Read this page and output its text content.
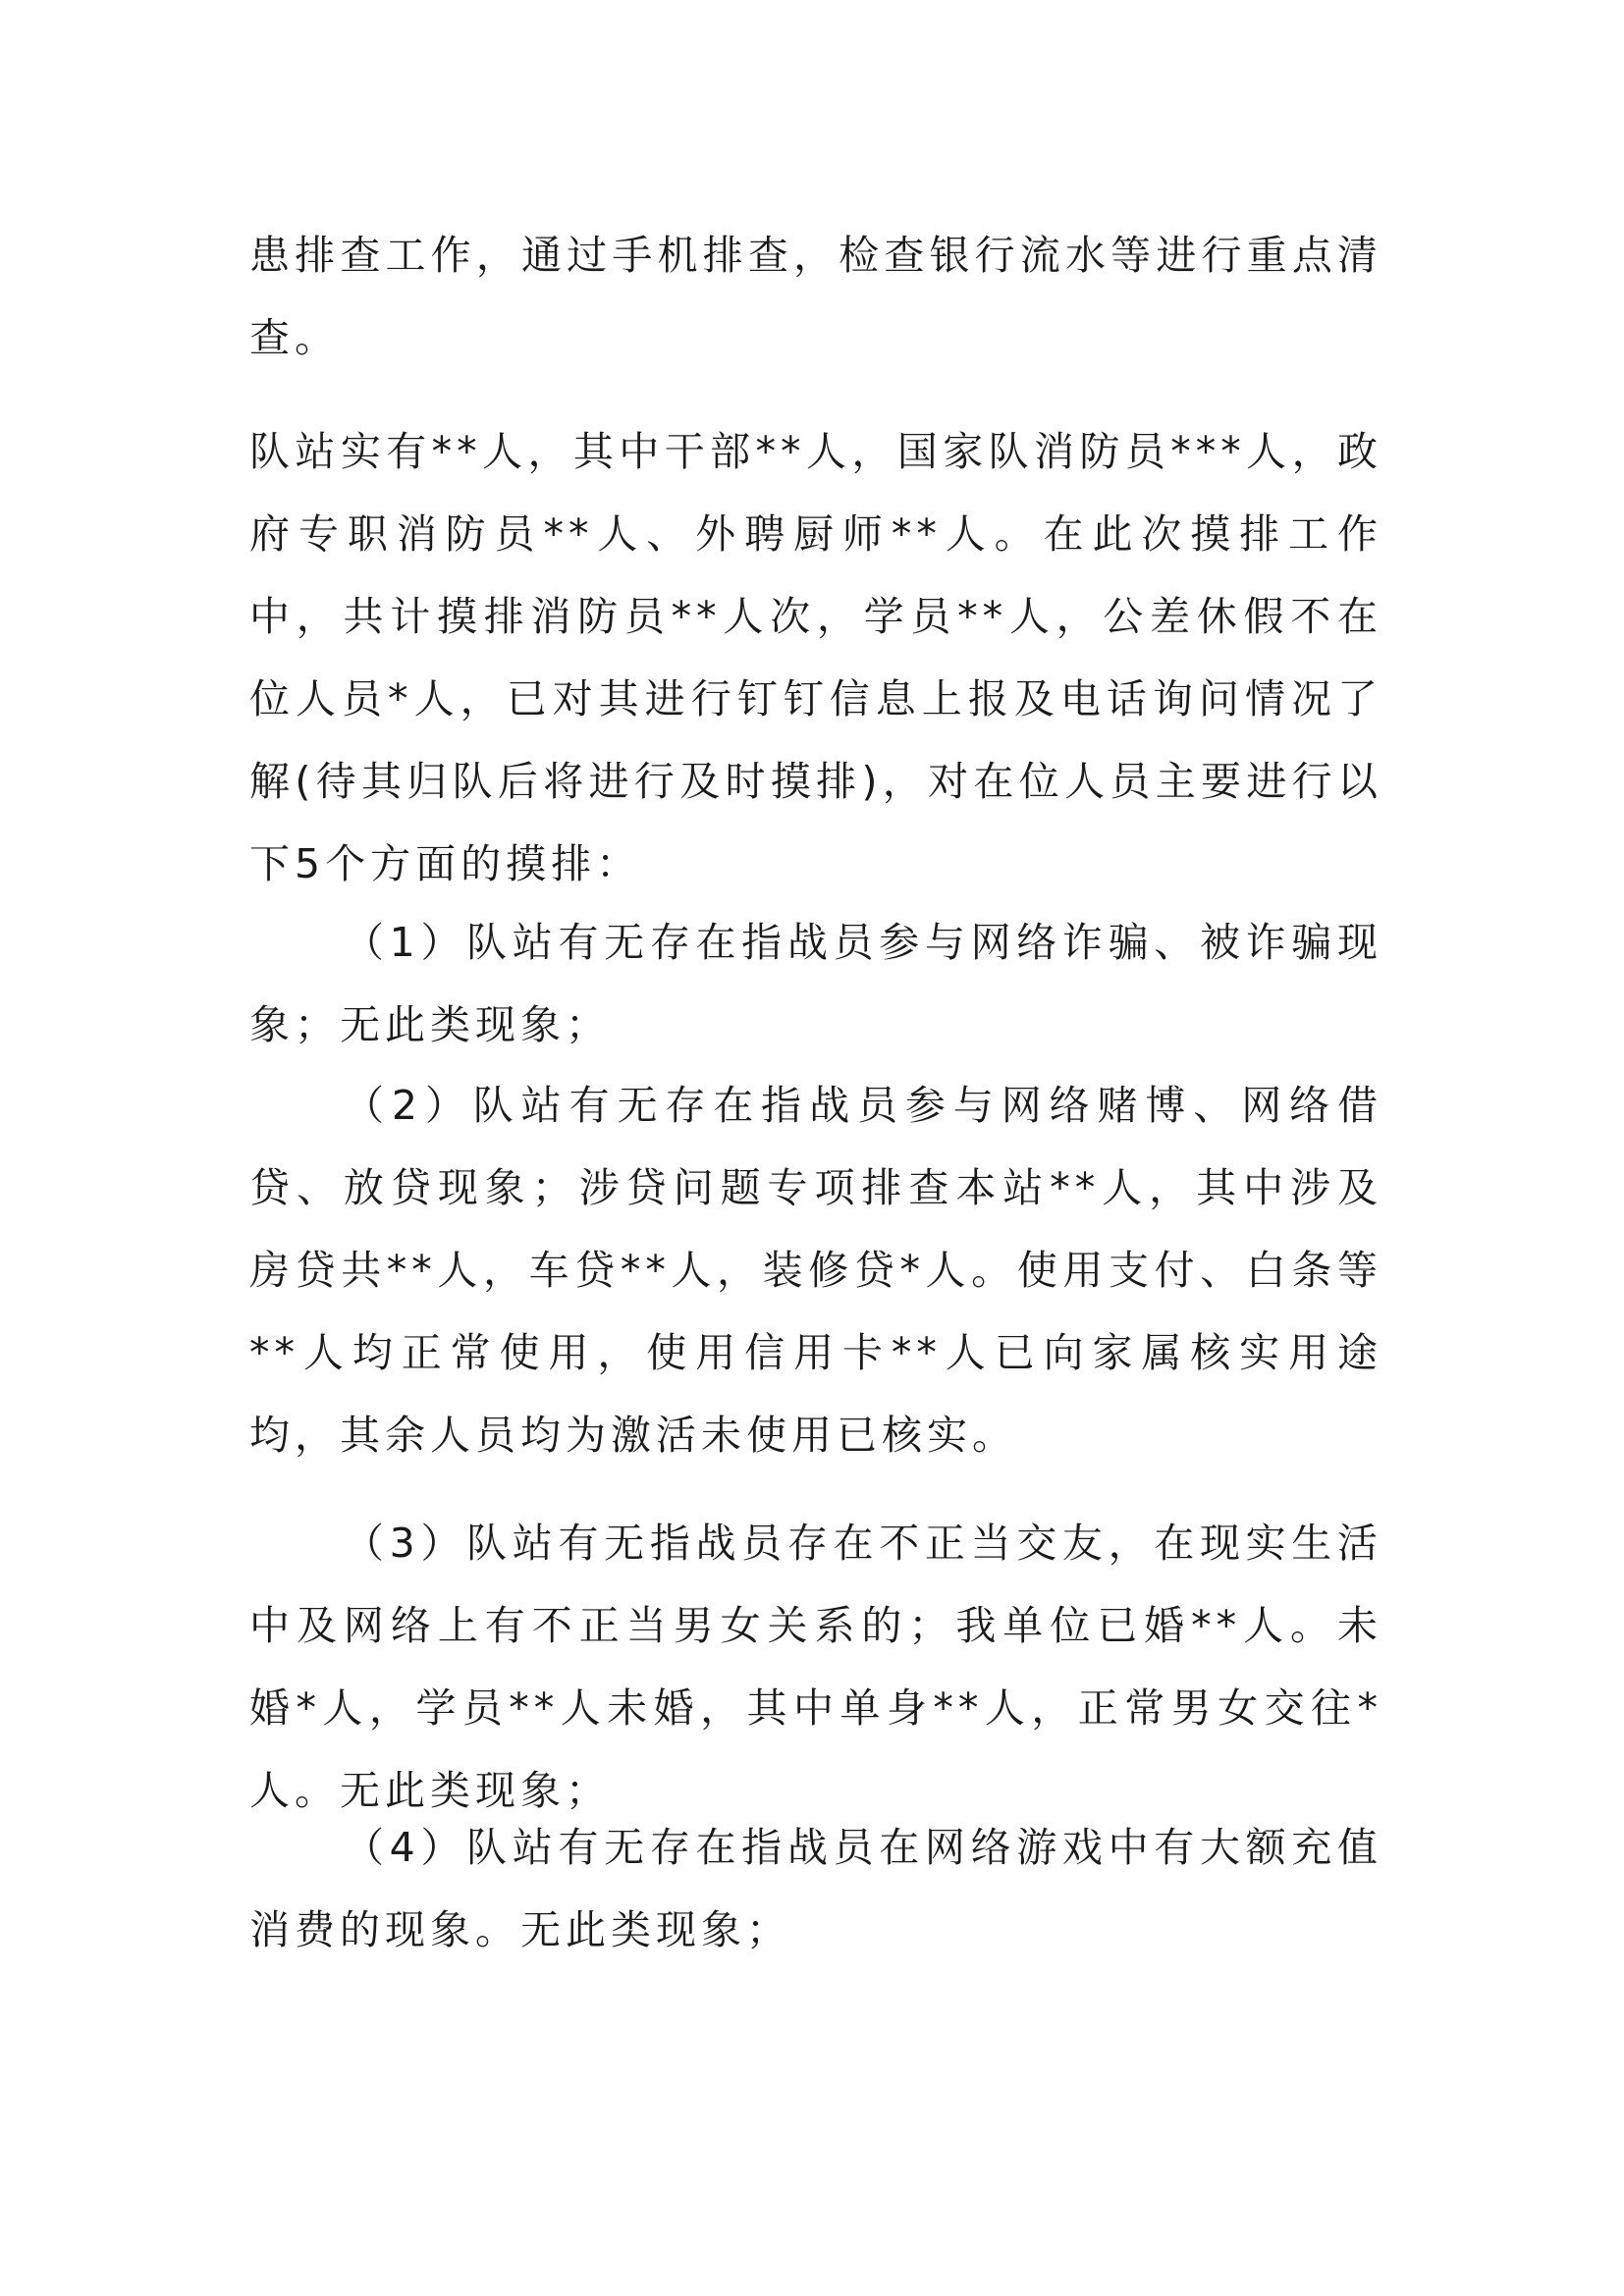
患排查工作，通过手机排查，检查银行流水等进行重点清查。

队站实有**人，其中干部**人，国家队消防员***人，政府专职消防员**人、外聘厨师**人。在此次摸排工作中，共计摸排消防员**人次，学员**人，公差休假不在位人员*人，已对其进行钉钉信息上报及电话询问情况了解(待其归队后将进行及时摸排)，对在位人员主要进行以下5个方面的摸排：

（1）队站有无存在指战员参与网络诈骗、被诈骗现象；无此类现象；

（2）队站有无存在指战员参与网络赌博、网络借贷、放贷现象；涉贷问题专项排查本站**人，其中涉及房贷共**人，车贷**人，装修贷*人。使用支付、白条等**人均正常使用，使用信用卡**人已向家属核实用途均，其余人员均为激活未使用已核实。

（3）队站有无指战员存在不正当交友，在现实生活中及网络上有不正当男女关系的；我单位已婚**人。未婚*人，学员**人未婚，其中单身**人，正常男女交往*人。无此类现象；

（4）队站有无存在指战员在网络游戏中有大额充值消费的现象。无此类现象；
